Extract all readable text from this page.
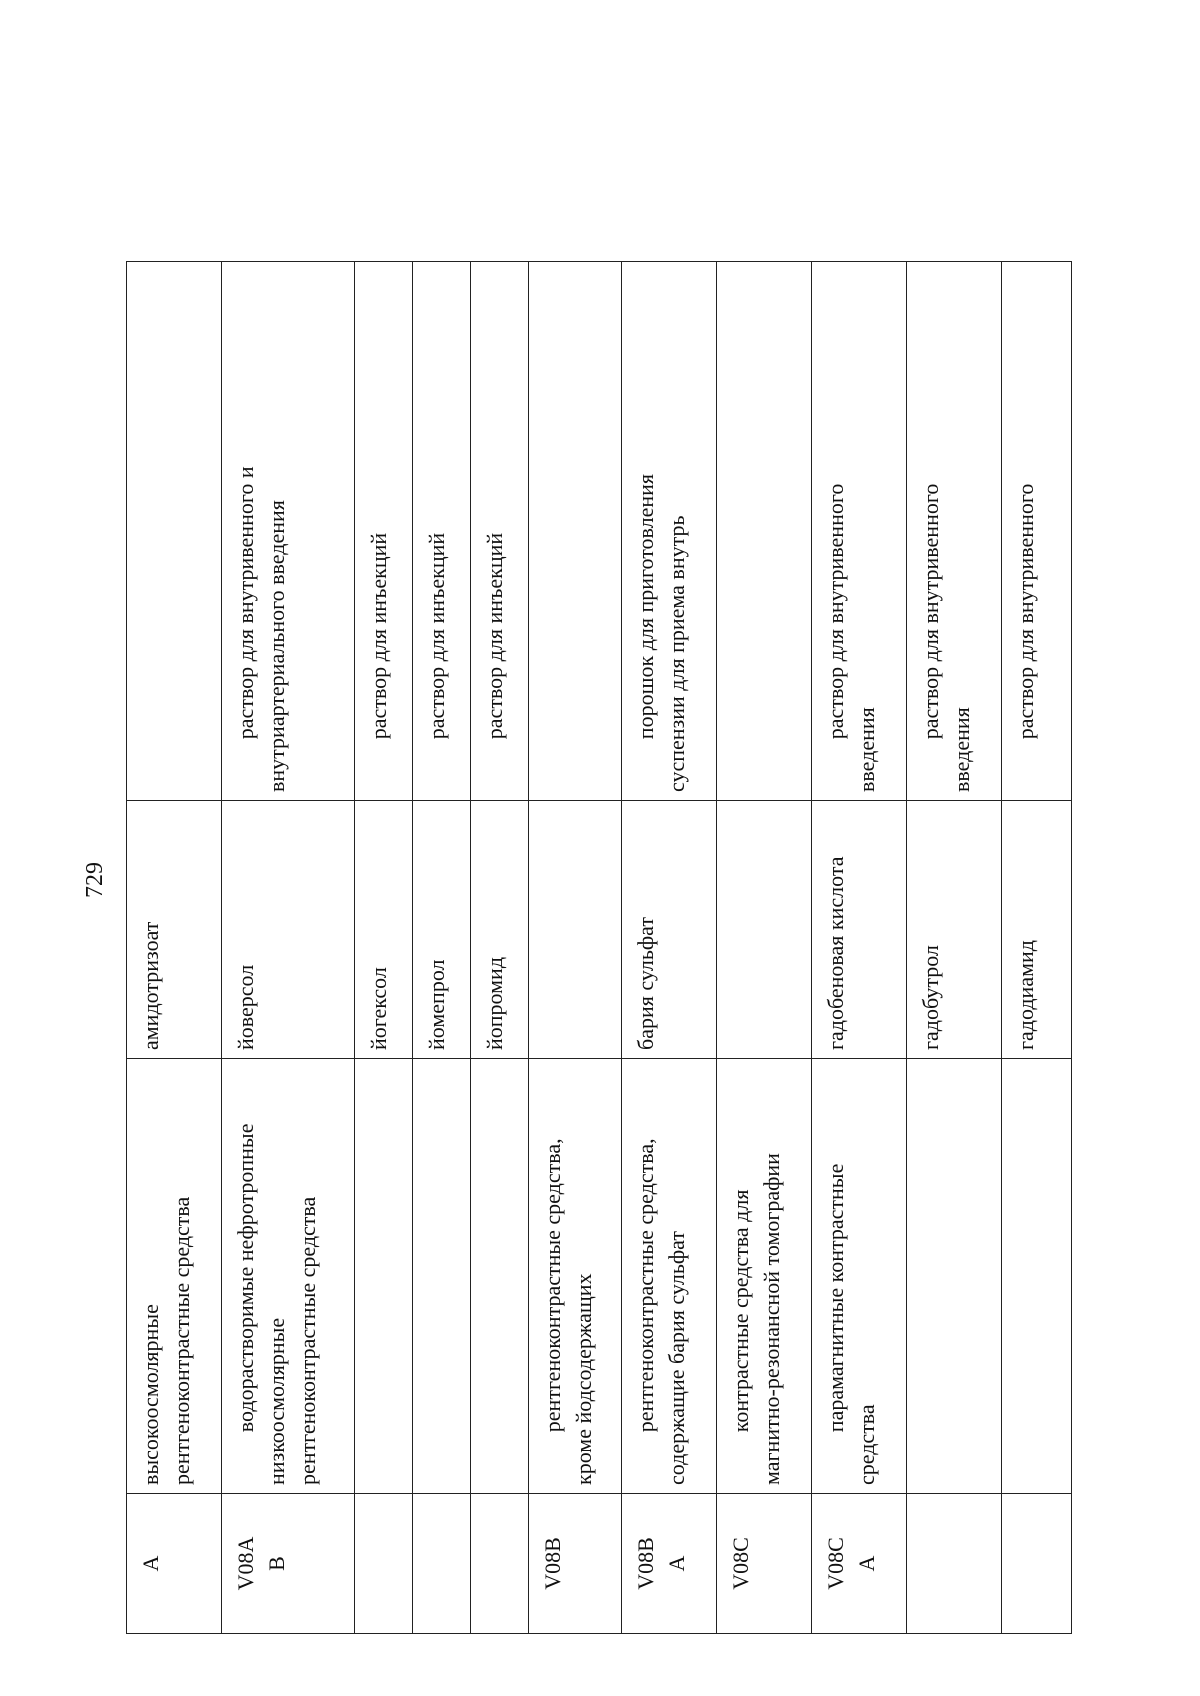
729
A	высокоосмолярные рентгеноконтрастные средства	амидотризоат	

V08A B	водорастворимые нефротропные низкоосмолярные рентгеноконтрастные средства	йоверсол	раствор для внутривенного и внутриартериального введения

		йогексол	раствор для инъекций

		йомепрол	раствор для инъекций

		йопромид	раствор для инъекций

V08B	рентгеноконтрастные средства, кроме йодсодержащих		

V08B A	рентгеноконтрастные средства, содержащие бария сульфат	бария сульфат	порошок для приготовления суспензии для приема внутрь

V08C	контрастные средства для магнитно-резонансной томографии		

V08C A	парамагнитные контрастные
средства	гадобеновая кислота	раствор для внутривенного
введения

		гадобутрол	раствор для внутривенного
введения

		гадодиамид	раствор для внутривенного
